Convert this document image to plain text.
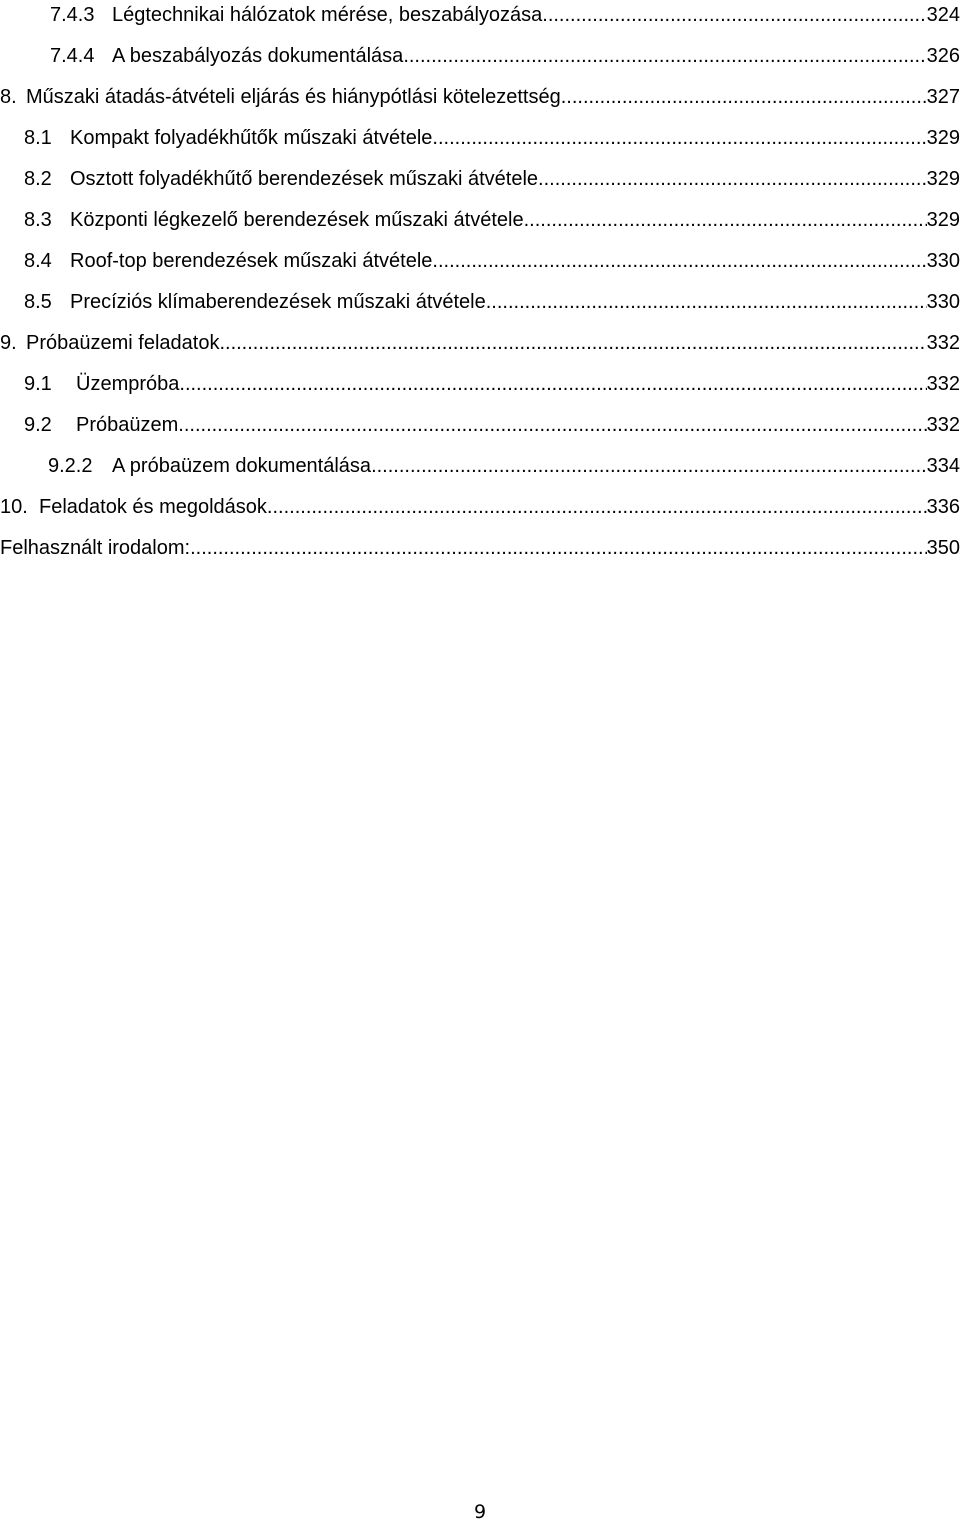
7.4.3 Légtechnikai hálózatok mérése, beszabályozása .....	324
7.4.4 A beszabályozás dokumentálása .....	326
8. Műszaki átadás-átvételi eljárás és hiánypótlási kötelezettség .....	327
8.1 Kompakt folyadékhűtők műszaki átvétele .....	329
8.2 Osztott folyadékhűtő berendezések műszaki átvétele .....	329
8.3 Központi légkezelő berendezések műszaki átvétele .....	329
8.4 Roof-top berendezések műszaki átvétele .....	330
8.5 Precíziós klímaberendezések műszaki átvétele .....	330
9. Próbaüzemi feladatok .....	332
9.1	Üzempróba .....	332
9.2	Próbaüzem .....	332
9.2.2 A próbaüzem dokumentálása .....	334
10. Feladatok és megoldások .....	336
Felhasznált irodalom: .....	350
9
